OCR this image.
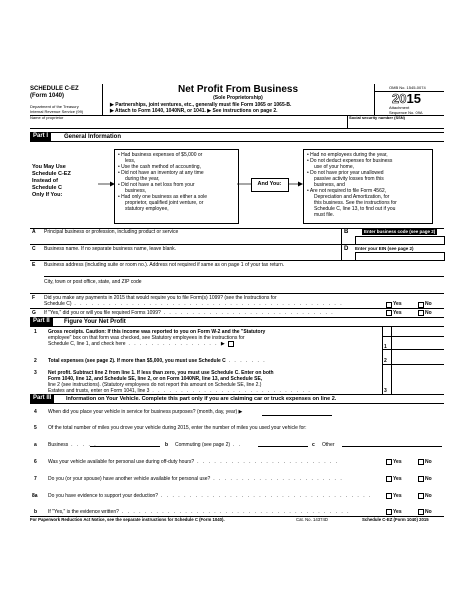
SCHEDULE C-EZ
(Form 1040)
Department of the Treasury
Internal Revenue Service (99)
Net Profit From Business
(Sole Proprietorship)
▶ Partnerships, joint ventures, etc., generally must file Form 1065 or 1065-B.
▶ Attach to Form 1040, 1040NR, or 1041. ▶ See instructions on page 2.
OMB No. 1545-0074
2015
Attachment
Sequence No. 09A
Name of proprietor	Social security number (SSN)
Part I	General Information
You May Use
Schedule C-EZ
Instead of
Schedule C
Only If You:
• Had business expenses of $5,000 or
less,
• Use the cash method of accounting,
• Did not have an inventory at any time
during the year,
• Did not have a net loss from your
business,
• Had only one business as either a sole
proprietor, qualified joint venture, or
statutory employee,
And You:
• Had no employees during the year,
• Do not deduct expenses for business
use of your home,
• Do not have prior year unallowed
passive activity losses from this
business, and
• Are not required to file Form 4562,
Depreciation and Amortization, for
this business. See the instructions for
Schedule C, line 13, to find out if you
must file.
A Principal business or profession, including product or service	B	Enter business code (see page 2)
C Business name. If no separate business name, leave blank.	D Enter your EIN (see page 2)
E Business address (including suite or room no.). Address not required if same as on page 1 of your tax return.
City, town or post office, state, and ZIP code
F Did you make any payments in 2015 that would require you to file Form(s) 1099? (see the Instructions for
Schedule C) . . . . . . . . . . . . . . . . . . . . . . . . . . . . . . . . . . . . . . . . . . . . . . .	Yes	No
G If "Yes," did you or will you file required Forms 1099? . . . . . . . . . . . . . . . . . . . . . . . . . . . . . .	Yes	No
Part II	Figure Your Net Profit
1 Gross receipts. Caution: If this income was reported to you on Form W-2 and the "Statutory
employee" box on that form was checked, see Statutory employees in the instructions for
Schedule C, line 1, and check here . . . . . . . . . . . . . . . . ▶	1
2 Total expenses (see page 2). If more than $5,000, you must use Schedule C . . . . . . .	2
3 Net profit. Subtract line 2 from line 1. If less than zero, you must use Schedule C. Enter on both
Form 1040, line 12, and Schedule SE, line 2, or on Form 1040NR, line 13, and Schedule SE,
line 2 (see instructions). (Statutory employees do not report this amount on Schedule SE, line 2.)
Estates and trusts, enter on Form 1041, line 3 . . . . . . . . . . . . . . . . . . . . . . . . . . . .	3
Part III	Information on Your Vehicle. Complete this part only if you are claiming car or truck expenses on line 2.
4 When did you place your vehicle in service for business purposes? (month, day, year) ▶
5 Of the total number of miles you drove your vehicle during 2015, enter the number of miles you used your vehicle for:
a Business . . . . .	b Commuting (see page 2) . .	c Other
6 Was your vehicle available for personal use during off-duty hours? . . . . . . . . . . . . . . . . . . . . . . . . .	Yes	No
7 Do you (or your spouse) have another vehicle available for personal use? . . . . . . . . . . . . . . . . . . . . . . .	Yes	No
8a Do you have evidence to support your deduction? . . . . . . . . . . . . . . . . . . . . . . . . . . . . . . . . . . . . .	Yes	No
b If "Yes," is the evidence written? . . . . . . . . . . . . . . . . . . . . . . . . . . . . . . . . . . . . . . . .	Yes	No
For Paperwork Reduction Act Notice, see the separate instructions for Schedule C (Form 1040).	Cat. No. 14374D	Schedule C-EZ (Form 1040) 2015
